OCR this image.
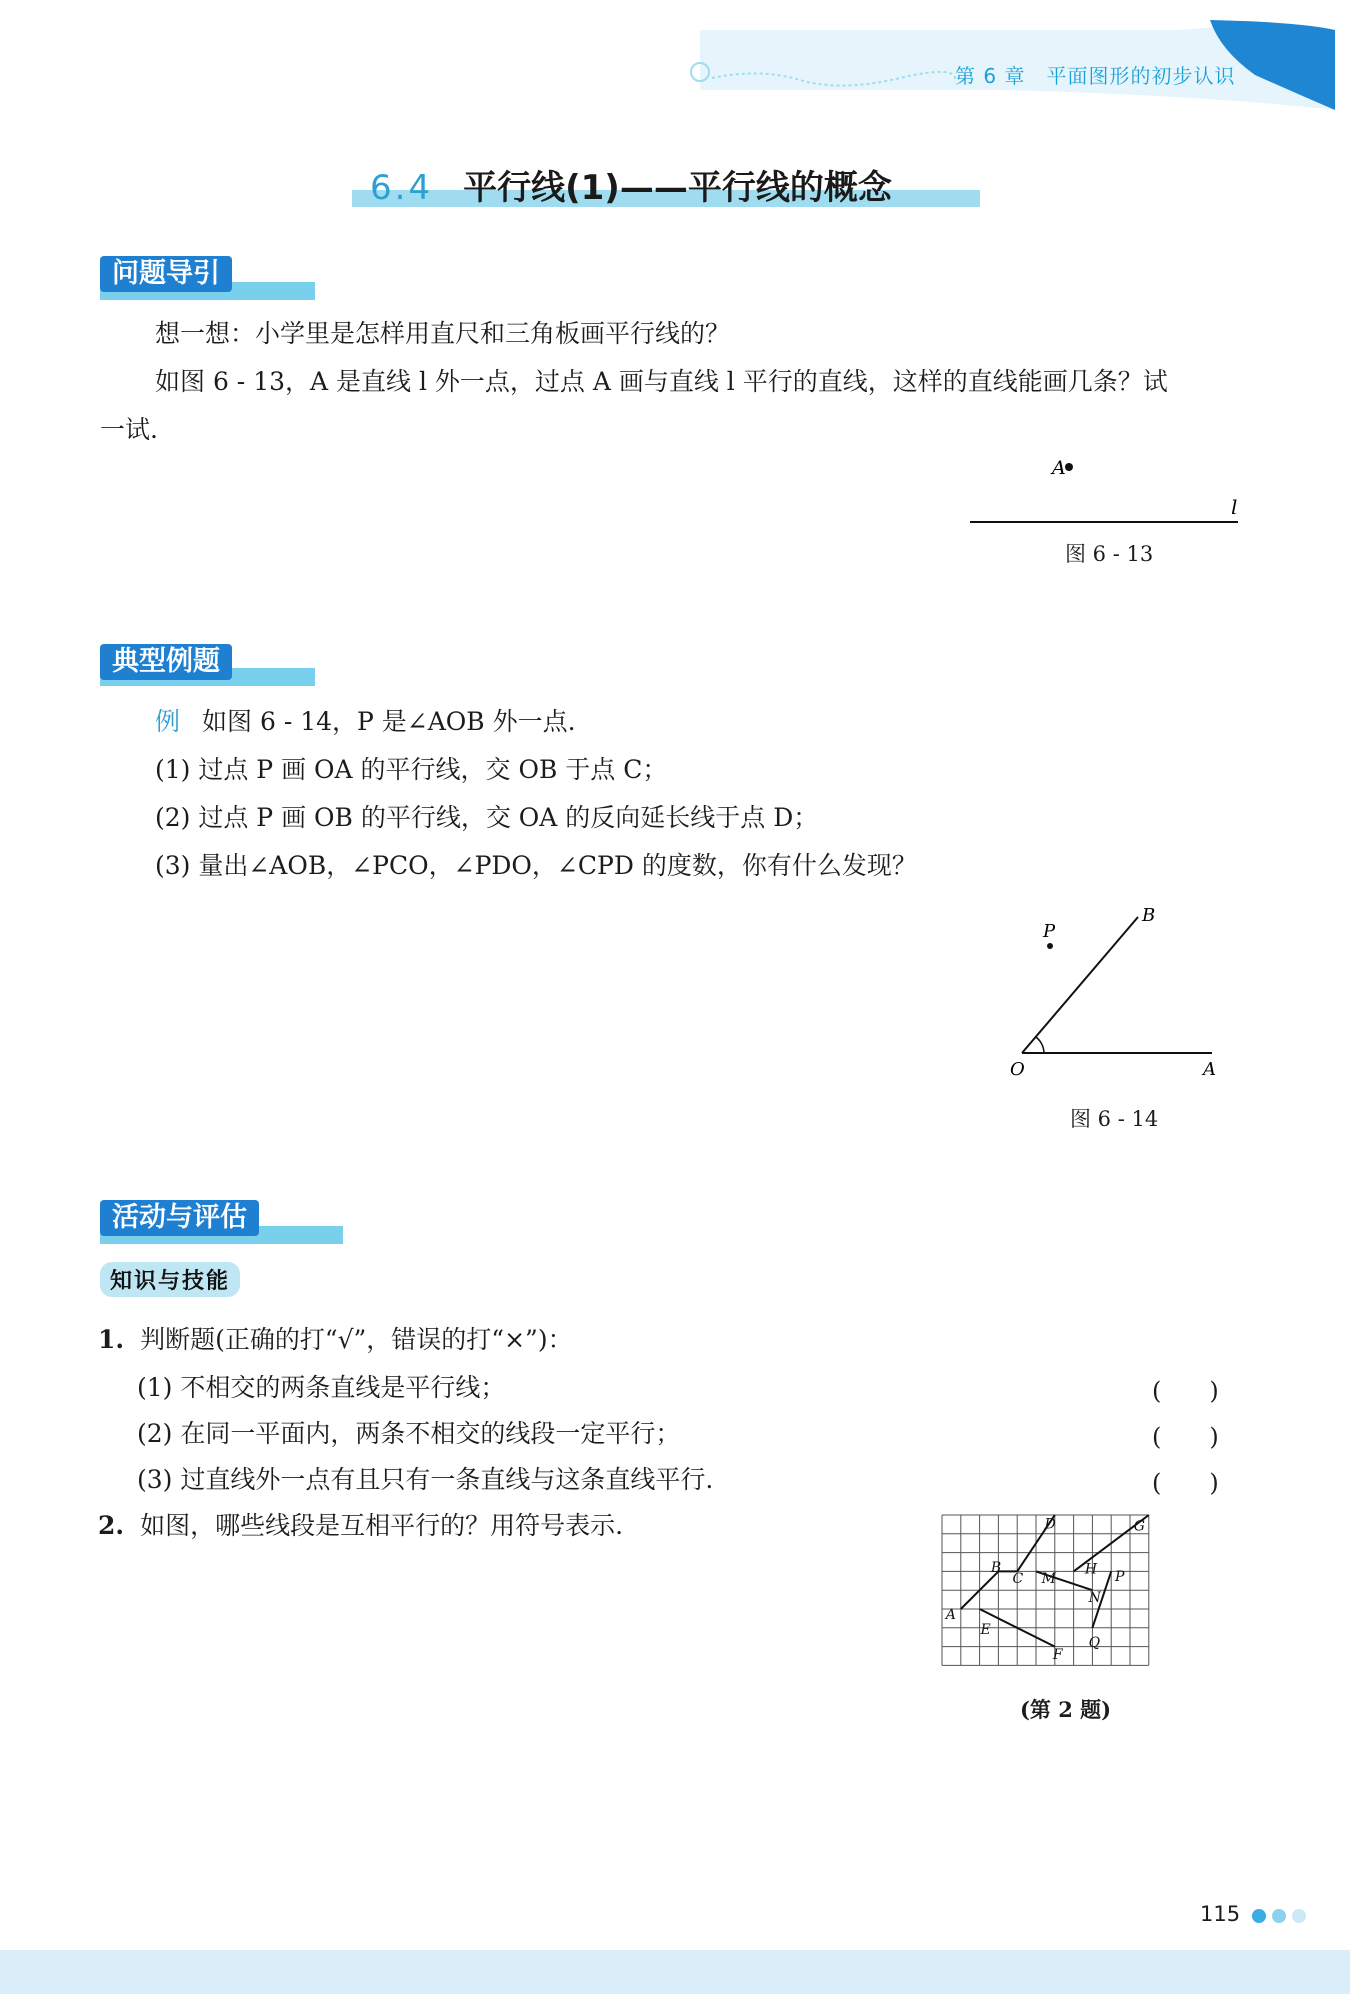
第 6 章　平面图形的初步认识
6.4 平行线(1)——平行线的概念
问题导引
想一想：小学里是怎样用直尺和三角板画平行线的？
如图 6 - 13，A 是直线 l 外一点，过点 A 画与直线 l 平行的直线，这样的直线能画几条？试
一试.
A
l
图 6 - 13
典型例题
例 如图 6 - 14，P 是∠AOB 外一点.
(1) 过点 P 画 OA 的平行线，交 OB 于点 C；
(2) 过点 P 画 OB 的平行线，交 OA 的反向延长线于点 D；
(3) 量出∠AOB，∠PCO，∠PDO，∠CPD 的度数，你有什么发现？
P
B
O	A
图 6 - 14
活动与评估
知识与技能
1. 判断题(正确的打“√”，错误的打“×”)：
(1) 不相交的两条直线是平行线；
(2) 在同一平面内，两条不相交的线段一定平行；
(3) 过直线外一点有且只有一条直线与这条直线平行.
(　　)
(　　)
(　　)
2. 如图，哪些线段是互相平行的？用符号表示.
A
B
C
D
E
F
G
H
M
N
P
Q
(第 2 题)
115
